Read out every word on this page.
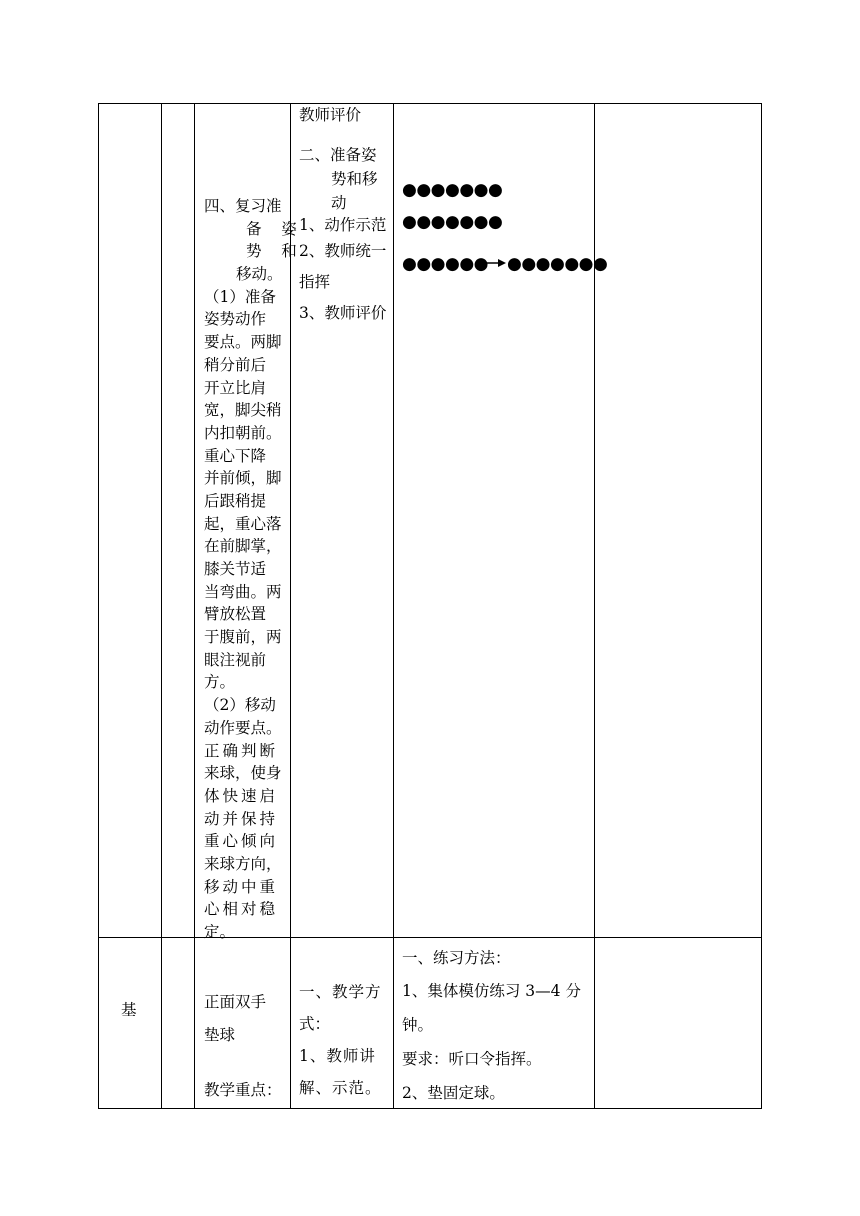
四、复习准
备    姿
势    和
移动。
（1）准备
姿势动作
要点。两脚
稍分前后
开立比肩
宽，脚尖稍
内扣朝前。
重心下降
并前倾，脚
后跟稍提
起，重心落
在前脚掌，
膝关节适
当弯曲。两
臂放松置
于腹前，两
眼注视前
方。
（2）移动
动作要点。
正确判断
来球，使身
体快速启
动并保持
重心倾向
来球方向，
移动中重
心相对稳
定。
教师评价
二、准备姿
势和移
动
1、动作示范
2、教师统一
指挥
3、教师评价
●●●●●●●
●●●●●●●
●●●●●● ●●●●●●●
基	正面双手
垫球
教学重点：
一、教学方
式：
1、教师讲
解、示范。
一、练习方法：
1、集体模仿练习 3—4 分
钟。
要求：听口令指挥。
2、垫固定球。
